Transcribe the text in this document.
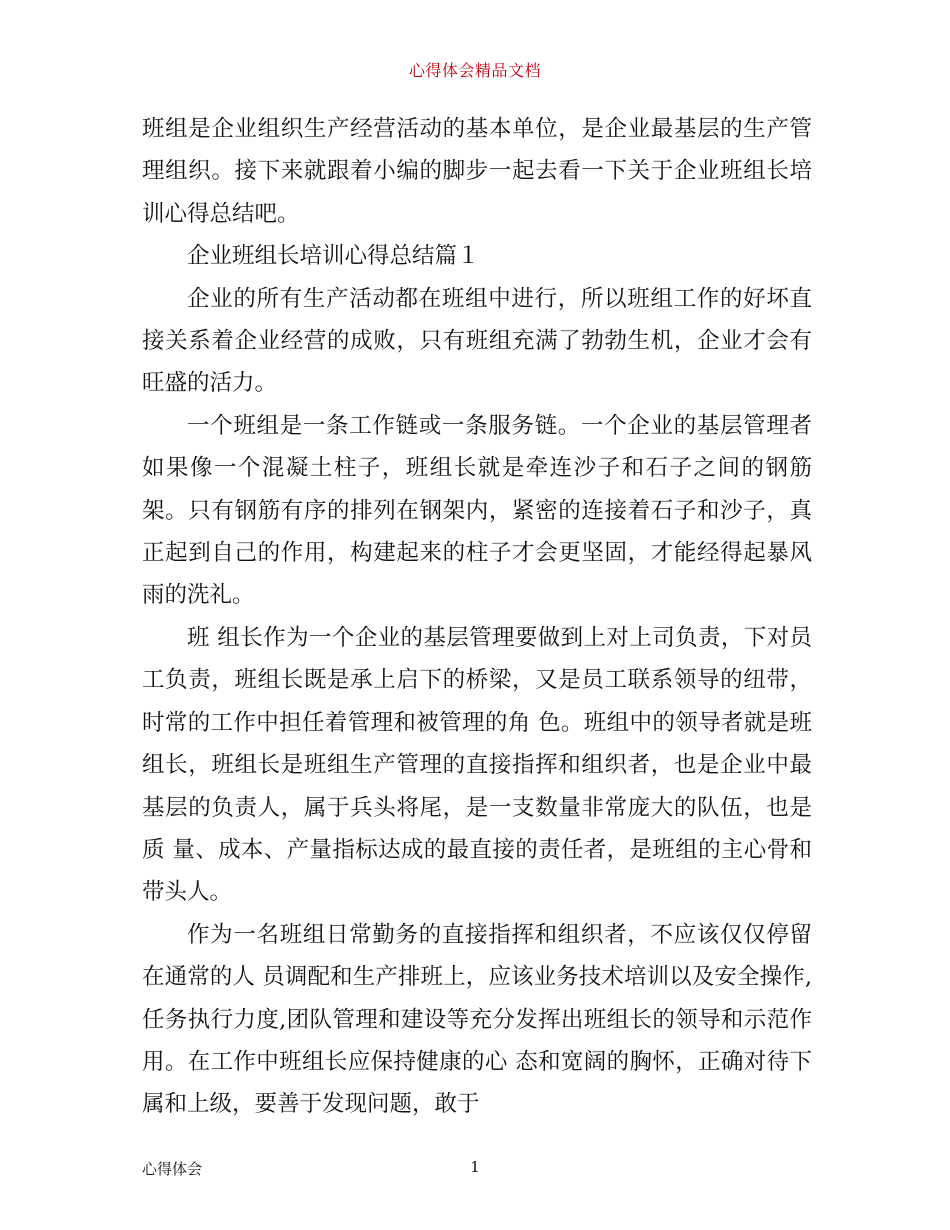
心得体会精品文档

班组是企业组织生产经营活动的基本单位，是企业最基层的生产管理组织。接下来就跟着小编的脚步一起去看一下关于企业班组长培训心得总结吧。

企业班组长培训心得总结篇１

企业的所有生产活动都在班组中进行，所以班组工作的好坏直接关系着企业经营的成败，只有班组充满了勃勃生机，企业才会有旺盛的活力。

一个班组是一条工作链或一条服务链。一个企业的基层管理者如果像一个混凝土柱子，班组长就是牵连沙子和石子之间的钢筋架。只有钢筋有序的排列在钢架内，紧密的连接着石子和沙子，真正起到自己的作用，构建起来的柱子才会更坚固，才能经得起暴风雨的洗礼。

班 组长作为一个企业的基层管理要做到上对上司负责，下对员工负责，班组长既是承上启下的桥梁，又是员工联系领导的纽带，时常的工作中担任着管理和被管理的角 色。班组中的领导者就是班组长，班组长是班组生产管理的直接指挥和组织者，也是企业中最基层的负责人，属于兵头将尾，是一支数量非常庞大的队伍，也是质 量、成本、产量指标达成的最直接的责任者，是班组的主心骨和带头人。

作为一名班组日常勤务的直接指挥和组织者，不应该仅仅停留在通常的人 员调配和生产排班上，应该业务技术培训以及安全操作,任务执行力度,团队管理和建设等充分发挥出班组长的领导和示范作用。在工作中班组长应保持健康的心 态和宽阔的胸怀，正确对待下属和上级，要善于发现问题，敢于

心得体会	1
